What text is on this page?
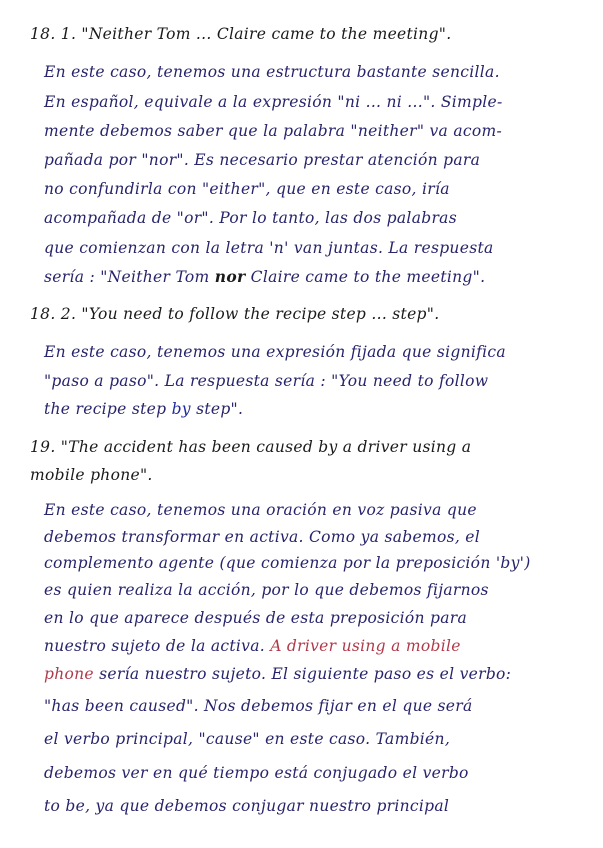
18. 1. "Neither Tom ... Claire came to the meeting".
En este caso, tenemos una estructura bastante sencilla.
En español, equivale a la expresión "ni ... ni ...". Simple-
mente debemos saber que la palabra "neither" va acom-
pañada por "nor". Es necesario prestar atención para
no confundirla con "either", que en este caso, iría
acompañada de "or". Por lo tanto, las dos palabras
que comienzan con la letra 'n' van juntas. La respuesta
sería : "Neither Tom nor Claire came to the meeting".
18. 2. "You need to follow the recipe step ... step".
En este caso, tenemos una expresión fijada que significa
"paso a paso". La respuesta sería : "You need to follow
the recipe step by step".
19. "The accident has been caused by a driver using a
mobile phone".
En este caso, tenemos una oración en voz pasiva que
debemos transformar en activa. Como ya sabemos, el
complemento agente (que comienza por la preposición 'by')
es quien realiza la acción, por lo que debemos fijarnos
en lo que aparece después de esta preposición para
nuestro sujeto de la activa. A driver using a mobile
phone sería nuestro sujeto. El siguiente paso es el verbo:
"has been caused". Nos debemos fijar en el que será
el verbo principal, "cause" en este caso. También,
debemos ver en qué tiempo está conjugado el verbo
to be, ya que debemos conjugar nuestro principal
